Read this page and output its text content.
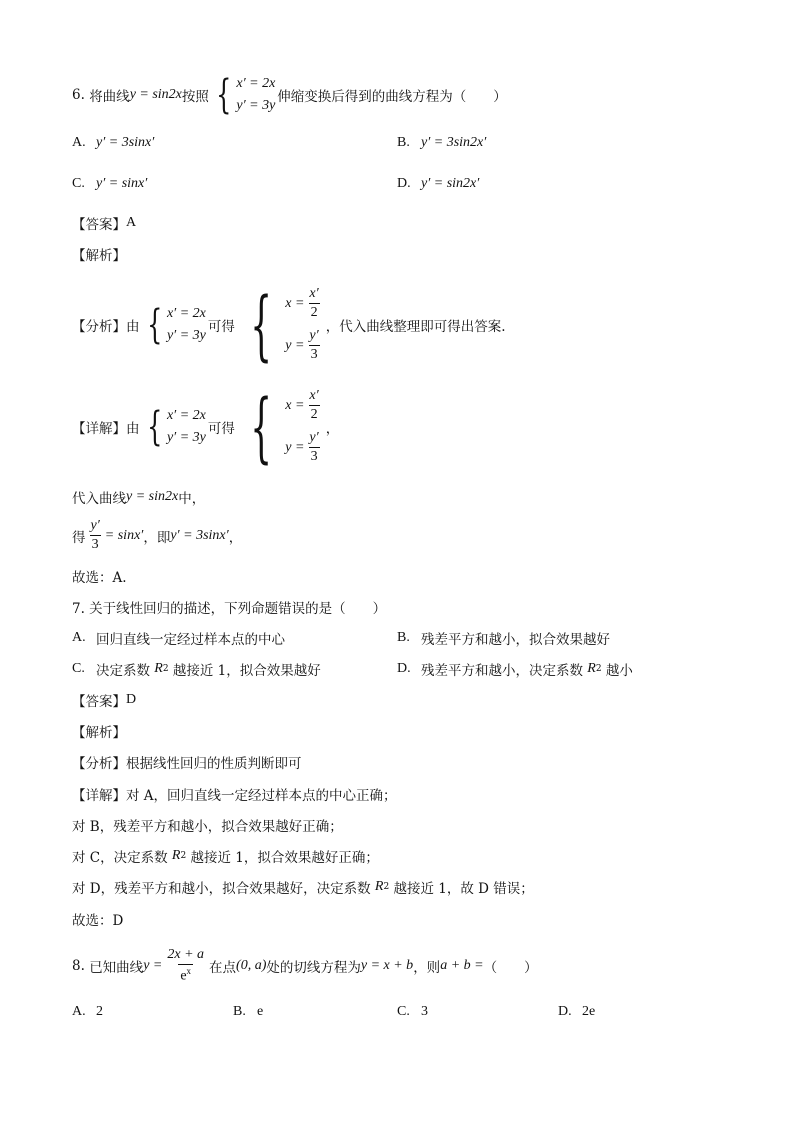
6.
将曲线 y = sin2x 按照 { x′ = 2x
y′ = 3y
伸缩变换后得到的曲线方程为（　　）
A. y′ = 3sinx′	B. y′ = 3sin2x′
C. y′ = sinx′	D. y′ = sin2x′
【答案】 A
【解析】
【分析】 由 { x′ = 2x
y′ = 3y
可得 { $x = \frac{x'}{2}$
$y = \frac{y'}{3}$
，代入曲线整理即可得出答案.
【详解】 由 { x′ = 2x
y′ = 3y
可得 { $x = \frac{x'}{2}$
$y = \frac{y'}{3}$
，
代入曲线 y = sin2x 中，
得 $\frac{y'}{3} = \sin x'$ ，即 y′ = 3sinx′ ，
故选：A.
7. 关于线性回归的描述，下列命题错误的是（　　）
A. 回归直线一定经过样本点的中心	B. 残差平方和越小，拟合效果越好
C. 决定系数
R 2
越接近 1，拟合效果越好	D. 残差平方和越小，决定系数
R 2
越小
【答案】 D
【解析】
【分析】 根据线性回归的性质判断即可
【详解】 对 A，回归直线一定经过样本点的中心正确；
对 B，残差平方和越小，拟合效果越好正确；
对 C，决定系数
R 2
越接近 1，拟合效果越好正确；
对 D，残差平方和越小，拟合效果越好，决定系数
R 2
越接近 1，故 D 错误；
故选：D
8.
已知曲线 $y = \frac{2x + a}{e^x}$ 在点 (0, a) 处的切线方程为 y = x + b ，则 a + b = （　　）
A. 2	B. e	C. 3	D. 2e
